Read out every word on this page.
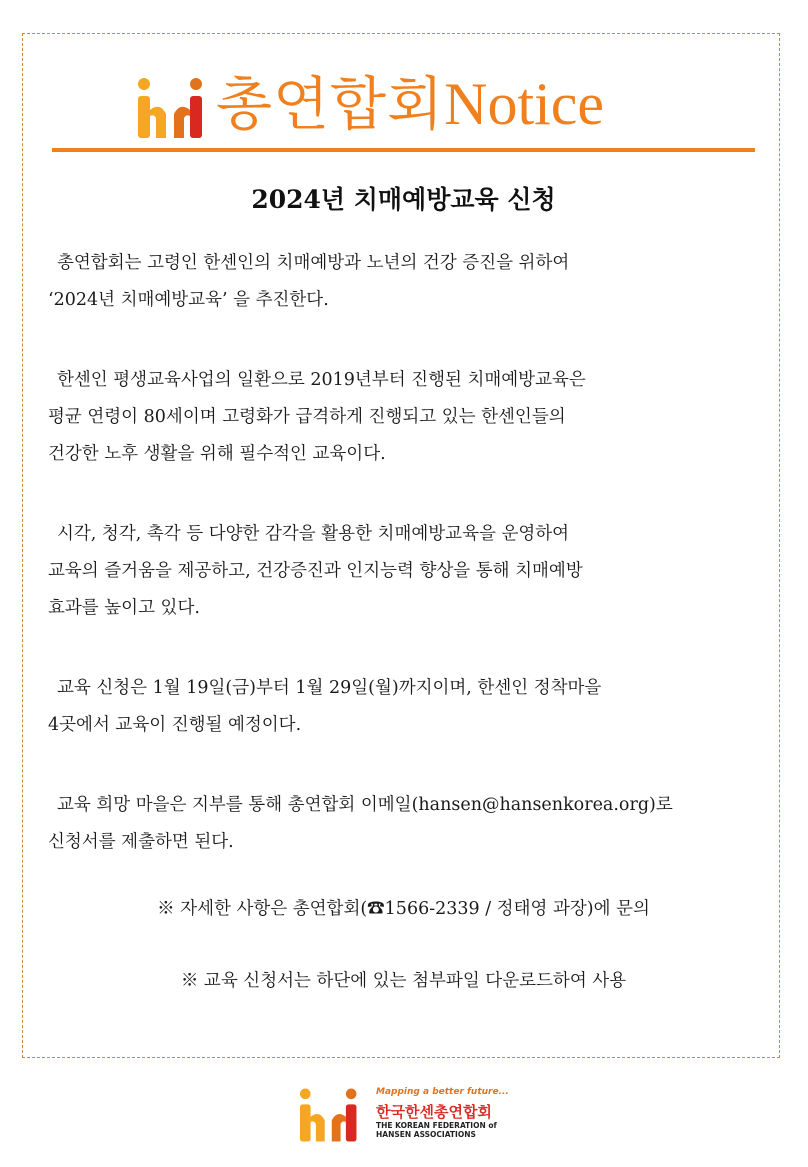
총연합회Notice
2024년 치매예방교육 신청

총연합회는 고령인 한센인의 치매예방과 노년의 건강 증진을 위하여
‘2024년 치매예방교육’ 을 추진한다.

한센인 평생교육사업의 일환으로 2019년부터 진행된 치매예방교육은
평균 연령이 80세이며 고령화가 급격하게 진행되고 있는 한센인들의
건강한 노후 생활을 위해 필수적인 교육이다.

시각, 청각, 촉각 등 다양한 감각을 활용한 치매예방교육을 운영하여
교육의 즐거움을 제공하고, 건강증진과 인지능력 향상을 통해 치매예방
효과를 높이고 있다.

교육 신청은 1월 19일(금)부터 1월 29일(월)까지이며, 한센인 정착마을
4곳에서 교육이 진행될 예정이다.

교육 희망 마을은 지부를 통해 총연합회 이메일(hansen@hansenkorea.org)로
신청서를 제출하면 된다.

※ 자세한 사항은 총연합회(☎1566-2339 / 정태영 과장)에 문의
※ 교육 신청서는 하단에 있는 첨부파일 다운로드하여 사용
Mapping a better future...
한국한센총연합회
THE KOREAN FEDERATION of
HANSEN ASSOCIATIONS
